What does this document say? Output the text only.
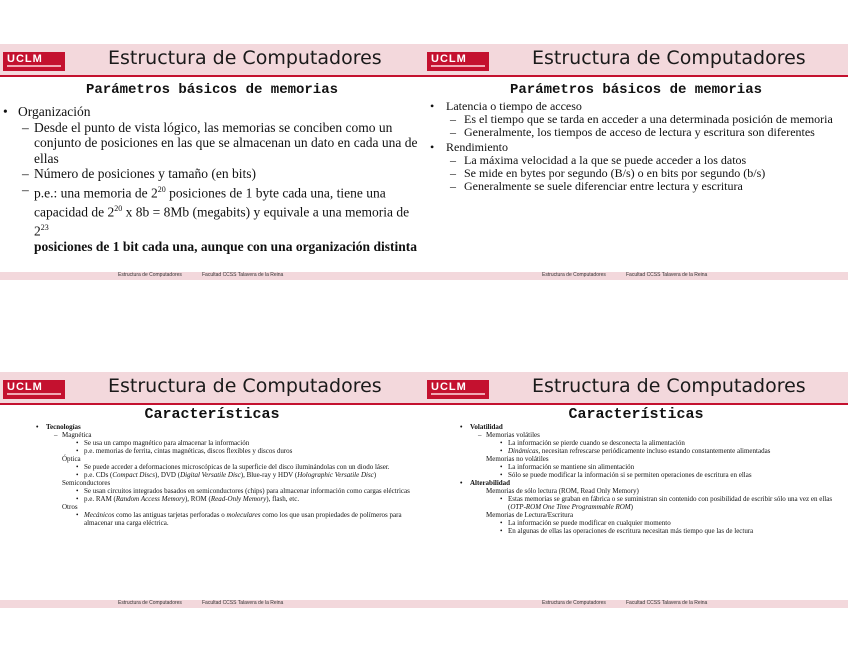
UCLM	Estructura de Computadores
Parámetros básicos de memorias
• Organización
– Desde el punto de vista lógico, las memorias se conciben como un conjunto de posiciones en las que se almacenan un dato en cada una de ellas
– Número de posiciones y tamaño (en bits)
– p.e.: una memoria de $2^{20}$ posiciones de 1 byte cada una, tiene una capacidad de $2^{20}$ x 8b = 8Mb (megabits) y equivale a una memoria de $2^{23}$
posiciones de 1 bit cada una, aunque con una organización distinta
Estructura de Computadores	Facultad CCSS Talavera de la Reina
UCLM	Estructura de Computadores
Parámetros básicos de memorias
• Latencia o tiempo de acceso
– Es el tiempo que se tarda en acceder a una determinada posición de memoria
– Generalmente, los tiempos de acceso de lectura y escritura son diferentes
• Rendimiento
– La máxima velocidad a la que se puede acceder a los datos
– Se mide en bytes por segundo (B/s) o en bits por segundo (b/s)
– Generalmente se suele diferenciar entre lectura y escritura
Estructura de Computadores	Facultad CCSS Talavera de la Reina
UCLM	Estructura de Computadores
Características
• Tecnologías
– Magnética
• Se usa un campo magnético para almacenar la información
• p.e. memorias de ferrita, cintas magnéticas, discos flexibles y discos duros
Óptica
• Se puede acceder a deformaciones microscópicas de la superficie del disco iluminándolas con un diodo láser.
• p.e. CDs (Compact Discs), DVD (Digital Versatile Disc), Blue-ray y HDV (Holographic Versatile Disc)
Semiconductores
• Se usan circuitos integrados basados en semiconductores (chips) para almacenar información como cargas eléctricas
• p.e. RAM (Random Access Memory), ROM (Read-Only Memory), flash, etc.
Otros
• Mecánicos como las antiguas tarjetas perforadas o moleculares como los que usan propiedades de polímeros para almacenar una carga eléctrica.
Estructura de Computadores	Facultad CCSS Talavera de la Reina
UCLM	Estructura de Computadores
Características
• Volatilidad
– Memorias volátiles
• La información se pierde cuando se desconecta la alimentación
• Dinámicas, necesitan refrescarse periódicamente incluso estando constantemente alimentadas
Memorias no volátiles
• La información se mantiene sin alimentación
• Sólo se puede modificar la información si se permiten operaciones de escritura en ellas
• Alterabilidad
Memorias de sólo lectura (ROM, Read Only Memory)
• Estas memorias se graban en fábrica o se suministran sin contenido con posibilidad de escribir sólo una vez en ellas (OTP-ROM One Time Programmable ROM)
Memorias de Lectura/Escritura
• La información se puede modificar en cualquier momento
• En algunas de ellas las operaciones de escritura necesitan más tiempo que las de lectura
Estructura de Computadores	Facultad CCSS Talavera de la Reina
